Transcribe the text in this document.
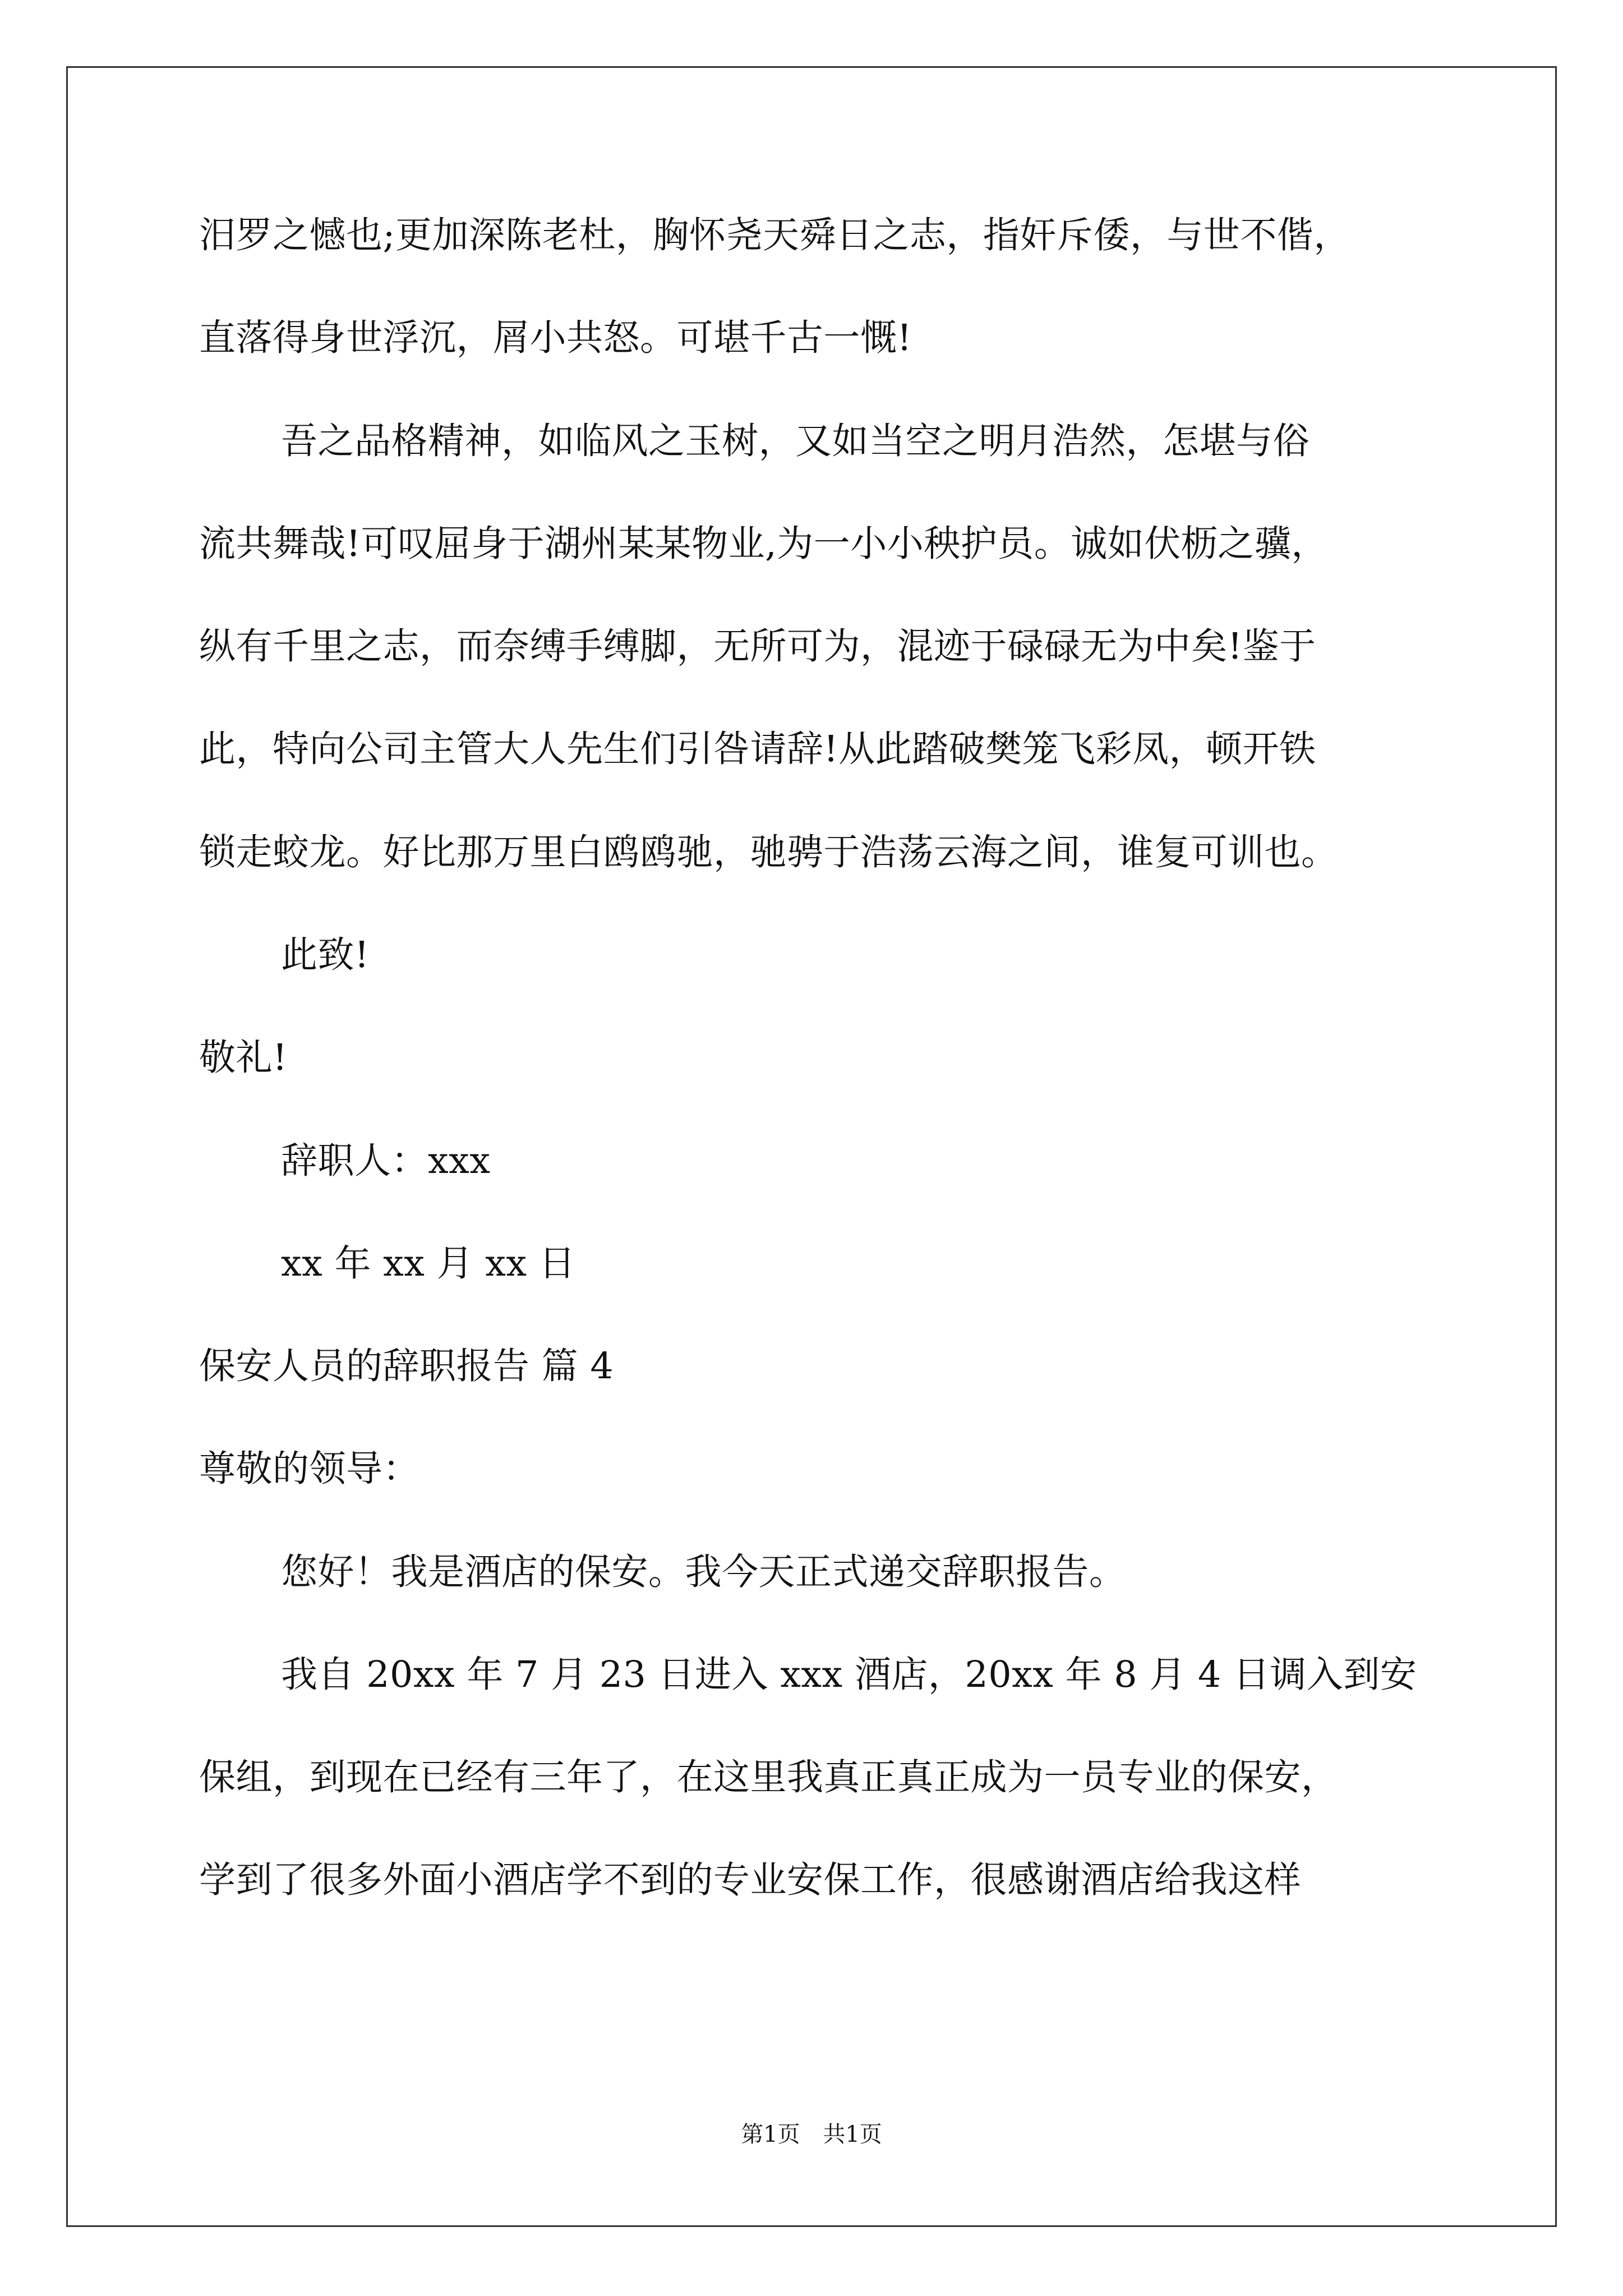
汨罗之憾也;更加深陈老杜，胸怀尧天舜日之志，指奸斥倭，与世不偕，
直落得身世浮沉，屑小共怒。可堪千古一慨!
吾之品格精神，如临风之玉树，又如当空之明月浩然，怎堪与俗
流共舞哉!可叹屈身于湖州某某物业,为一小小秧护员。诚如伏枥之骥，
纵有千里之志，而奈缚手缚脚，无所可为，混迹于碌碌无为中矣!鉴于
此，特向公司主管大人先生们引咎请辞!从此踏破樊笼飞彩凤，顿开铁
锁走蛟龙。好比那万里白鸥鸥驰，驰骋于浩荡云海之间，谁复可训也。
此致!
敬礼!
辞职人：xxx
xx 年 xx 月 xx 日
保安人员的辞职报告 篇 4
尊敬的领导：
您好！我是酒店的保安。我今天正式递交辞职报告。
我自 20xx 年 7 月 23 日进入 xxx 酒店，20xx 年 8 月 4 日调入到安
保组，到现在已经有三年了，在这里我真正真正成为一员专业的保安，
学到了很多外面小酒店学不到的专业安保工作，很感谢酒店给我这样
第1页 共1页
